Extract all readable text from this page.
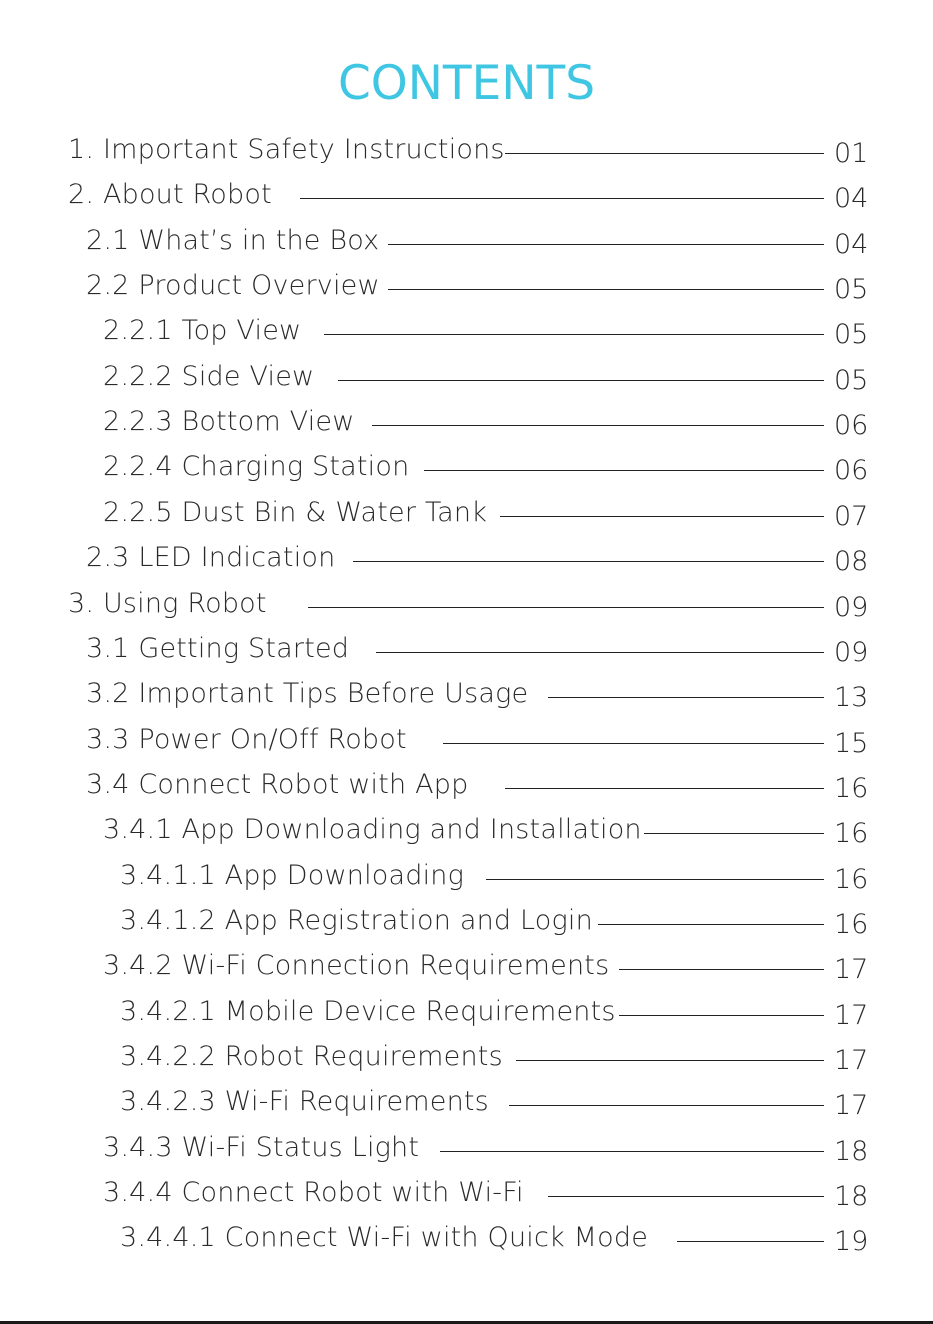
CONTENTS
1. Important Safety Instructions	01
2. About Robot	04
2.1 What’s in the Box	04
2.2 Product Overview	05
2.2.1 Top View	05
2.2.2 Side View	05
2.2.3 Bottom View	06
2.2.4 Charging Station	06
2.2.5 Dust Bin & Water Tank	07
2.3 LED Indication	08
3. Using Robot	09
3.1 Getting Started	09
3.2 Important Tips Before Usage	13
3.3 Power On/Off Robot	15
3.4 Connect Robot with App	16
3.4.1 App Downloading and Installation	16
3.4.1.1 App Downloading	16
3.4.1.2 App Registration and Login	16
3.4.2 Wi-Fi Connection Requirements	17
3.4.2.1 Mobile Device Requirements	17
3.4.2.2 Robot Requirements	17
3.4.2.3 Wi-Fi Requirements	17
3.4.3 Wi-Fi Status Light	18
3.4.4 Connect Robot with Wi-Fi	18
3.4.4.1 Connect Wi-Fi with Quick Mode	19
